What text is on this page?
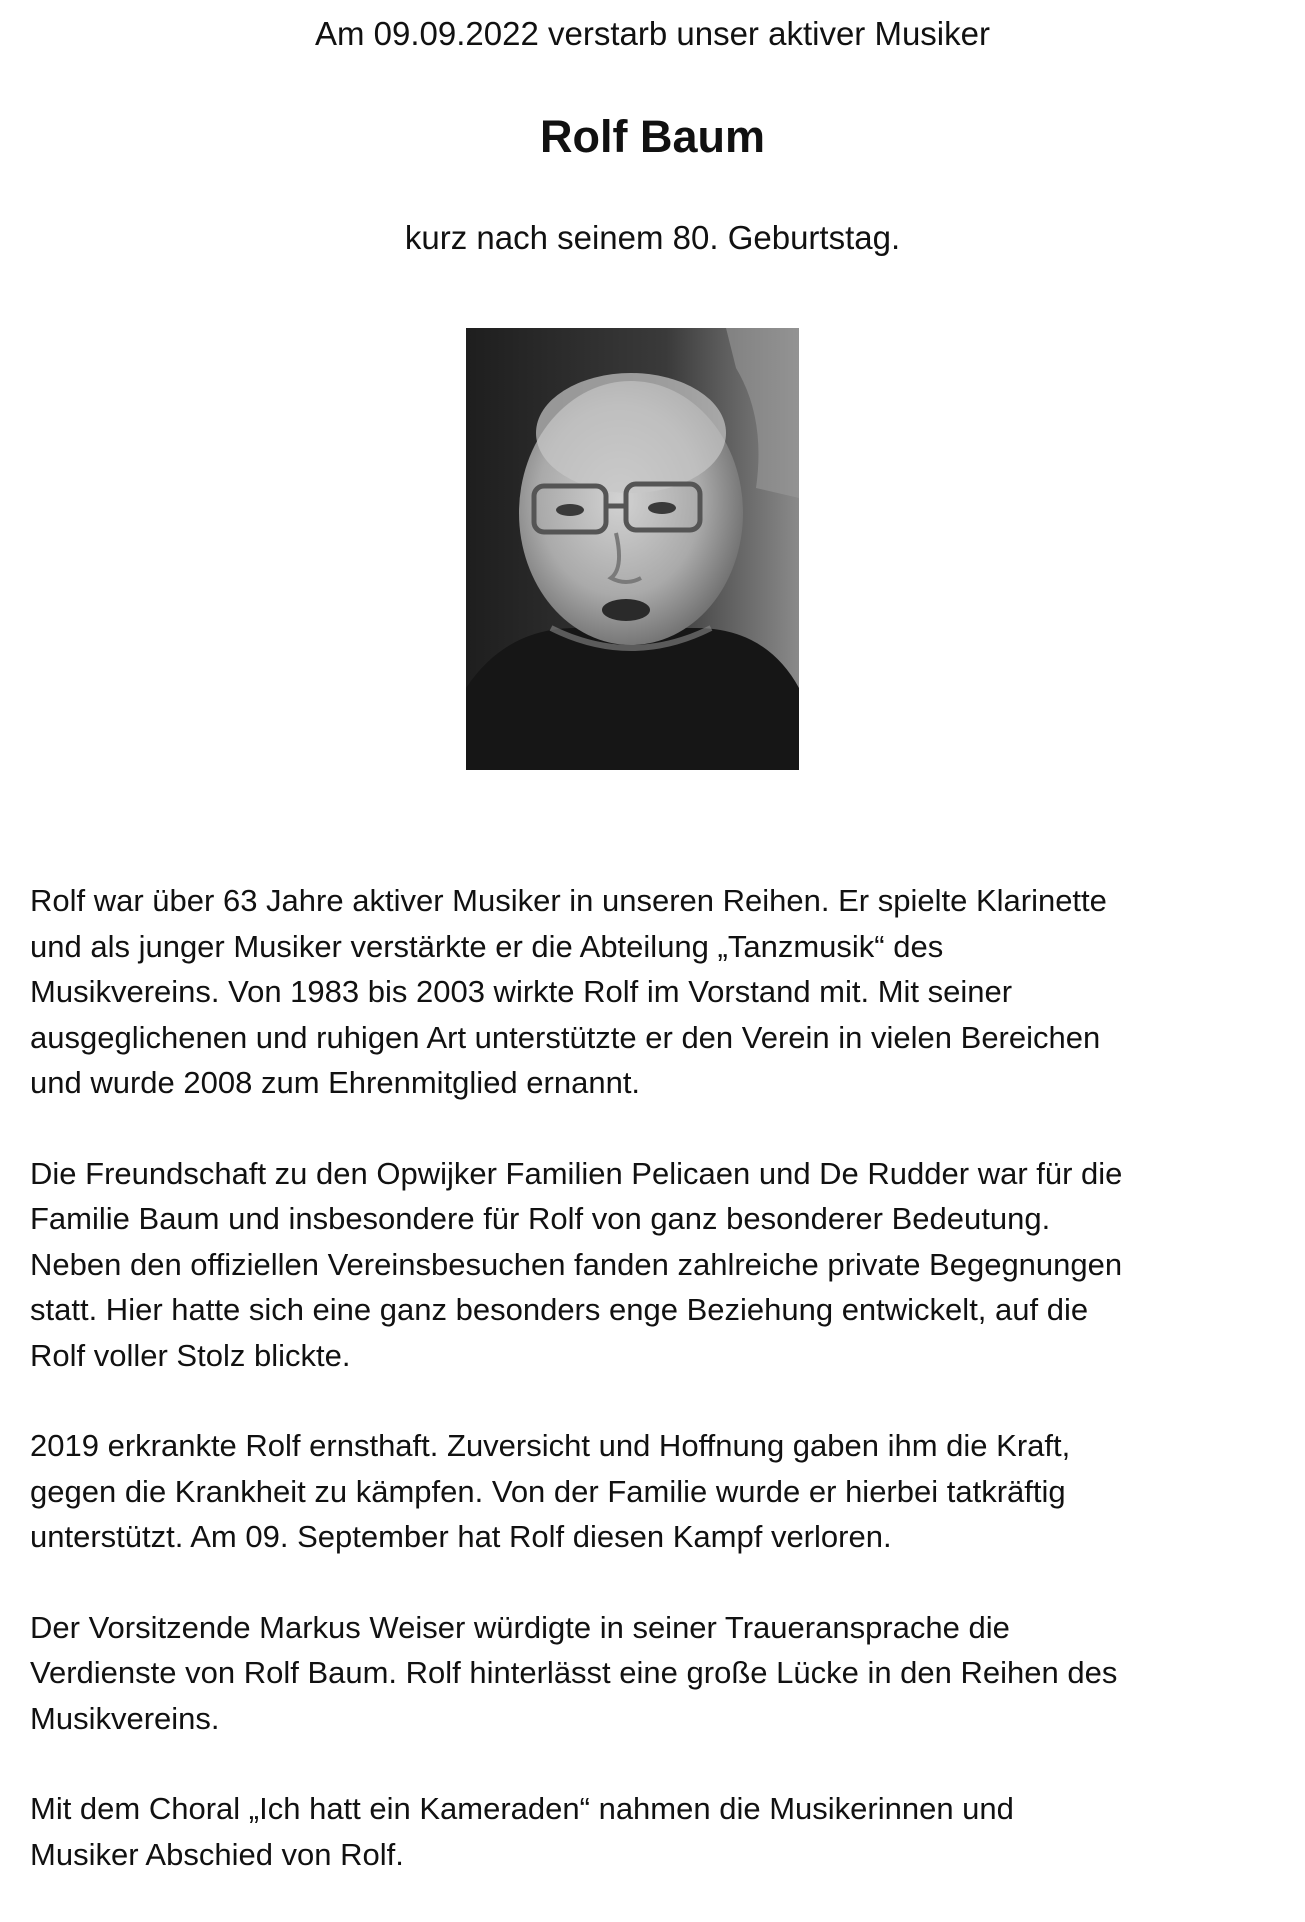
Am 09.09.2022 verstarb unser aktiver Musiker
Rolf Baum
kurz nach seinem 80. Geburtstag.

Rolf war über 63 Jahre aktiver Musiker in unseren Reihen. Er spielte Klarinette
und als junger Musiker verstärkte er die Abteilung „Tanzmusik“ des
Musikvereins. Von 1983 bis 2003 wirkte Rolf im Vorstand mit. Mit seiner
ausgeglichenen und ruhigen Art unterstützte er den Verein in vielen Bereichen
und wurde 2008 zum Ehrenmitglied ernannt.

Die Freundschaft zu den Opwijker Familien Pelicaen und De Rudder war für die
Familie Baum und insbesondere für Rolf von ganz besonderer Bedeutung.
Neben den offiziellen Vereinsbesuchen fanden zahlreiche private Begegnungen
statt. Hier hatte sich eine ganz besonders enge Beziehung entwickelt, auf die
Rolf voller Stolz blickte.

2019 erkrankte Rolf ernsthaft. Zuversicht und Hoffnung gaben ihm die Kraft,
gegen die Krankheit zu kämpfen. Von der Familie wurde er hierbei tatkräftig
unterstützt. Am 09. September hat Rolf diesen Kampf verloren.

Der Vorsitzende Markus Weiser würdigte in seiner Traueransprache die
Verdienste von Rolf Baum. Rolf hinterlässt eine große Lücke in den Reihen des
Musikvereins.

Mit dem Choral „Ich hatt ein Kameraden“ nahmen die Musikerinnen und
Musiker Abschied von Rolf.
